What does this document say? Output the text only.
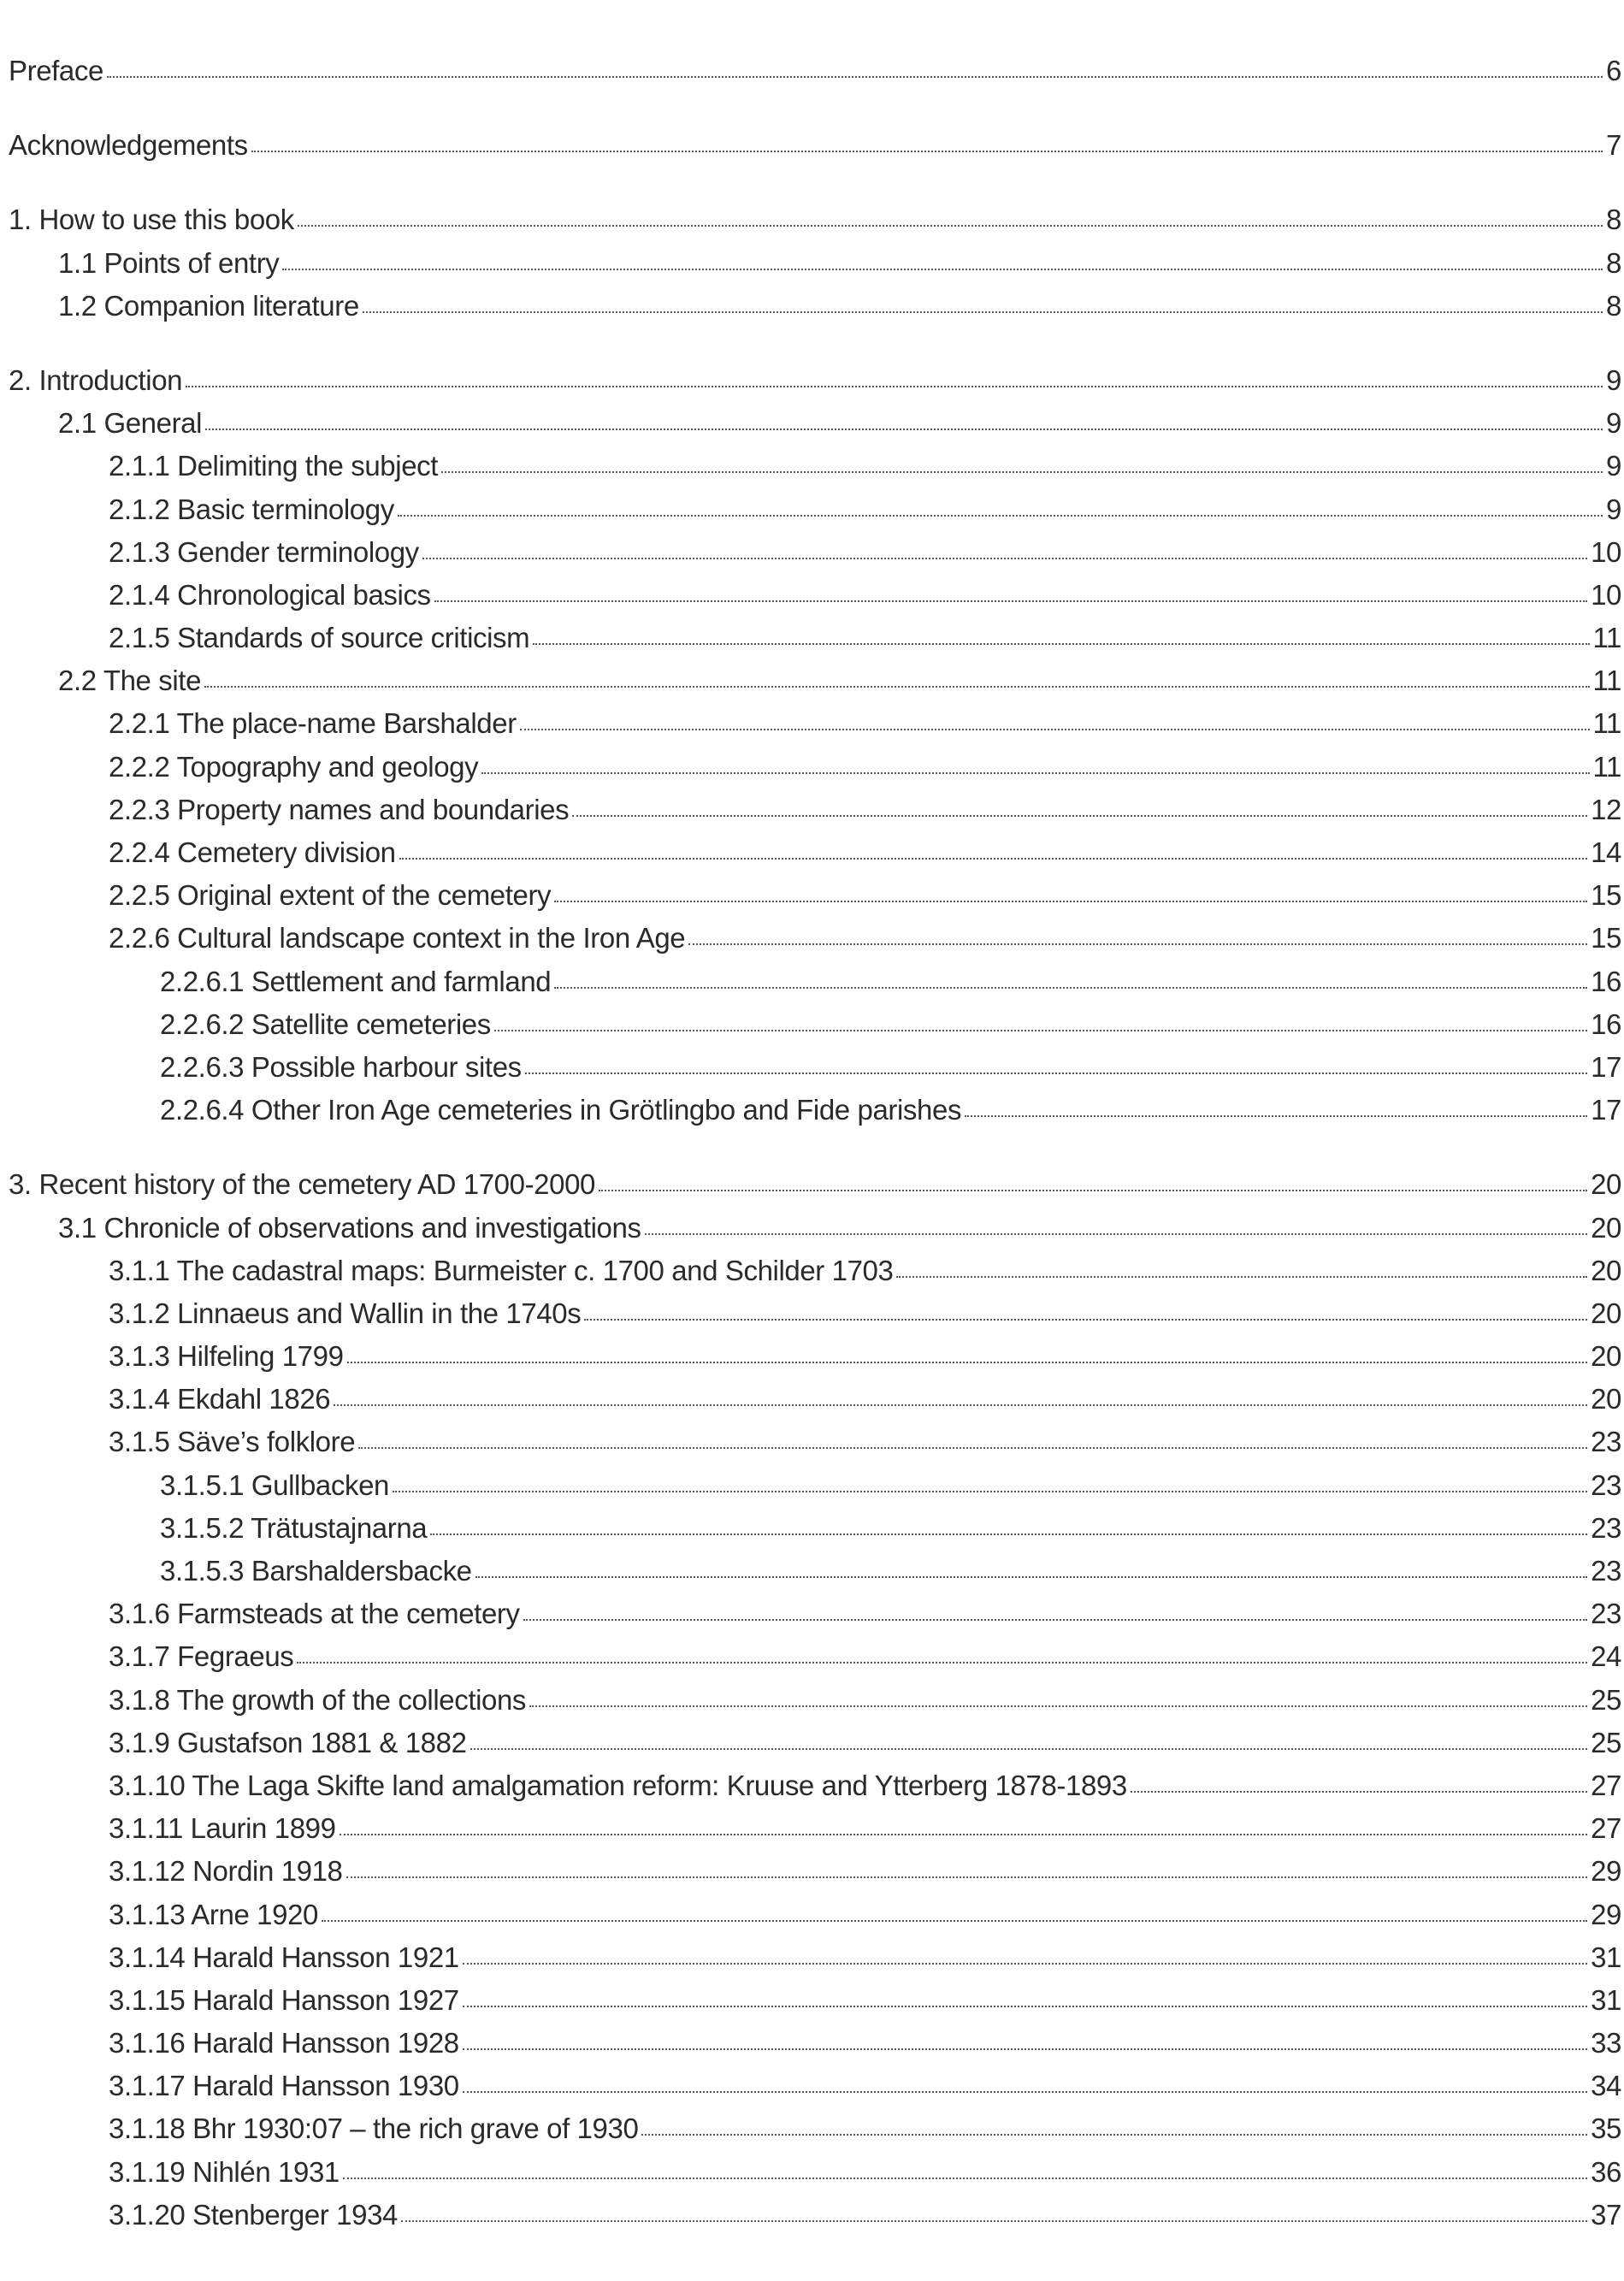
Preface	6
Acknowledgements	7
1. How to use this book	8
1.1 Points of entry	8
1.2 Companion literature	8
2. Introduction	9
2.1 General	9
2.1.1 Delimiting the subject	9
2.1.2 Basic terminology	9
2.1.3 Gender terminology	10
2.1.4 Chronological basics	10
2.1.5 Standards of source criticism	11
2.2 The site	11
2.2.1 The place-name Barshalder	11
2.2.2 Topography and geology	11
2.2.3 Property names and boundaries	12
2.2.4 Cemetery division	14
2.2.5 Original extent of the cemetery	15
2.2.6 Cultural landscape context in the Iron Age	15
2.2.6.1 Settlement and farmland	16
2.2.6.2 Satellite cemeteries	16
2.2.6.3 Possible harbour sites	17
2.2.6.4 Other Iron Age cemeteries in Grötlingbo and Fide parishes	17
3. Recent history of the cemetery AD 1700-2000	20
3.1 Chronicle of observations and investigations	20
3.1.1 The cadastral maps: Burmeister c. 1700 and Schilder 1703	20
3.1.2 Linnaeus and Wallin in the 1740s	20
3.1.3 Hilfeling 1799	20
3.1.4 Ekdahl 1826	20
3.1.5 Säve’s folklore	23
3.1.5.1 Gullbacken	23
3.1.5.2 Trätustajnarna	23
3.1.5.3 Barshaldersbacke	23
3.1.6 Farmsteads at the cemetery	23
3.1.7 Fegraeus	24
3.1.8 The growth of the collections	25
3.1.9 Gustafson 1881 & 1882	25
3.1.10 The Laga Skifte land amalgamation reform: Kruuse and Ytterberg 1878-1893	27
3.1.11 Laurin 1899	27
3.1.12 Nordin 1918	29
3.1.13 Arne 1920	29
3.1.14 Harald Hansson 1921	31
3.1.15 Harald Hansson 1927	31
3.1.16 Harald Hansson 1928	33
3.1.17 Harald Hansson 1930	34
3.1.18 Bhr 1930:07 – the rich grave of 1930	35
3.1.19 Nihlén 1931	36
3.1.20 Stenberger 1934	37
